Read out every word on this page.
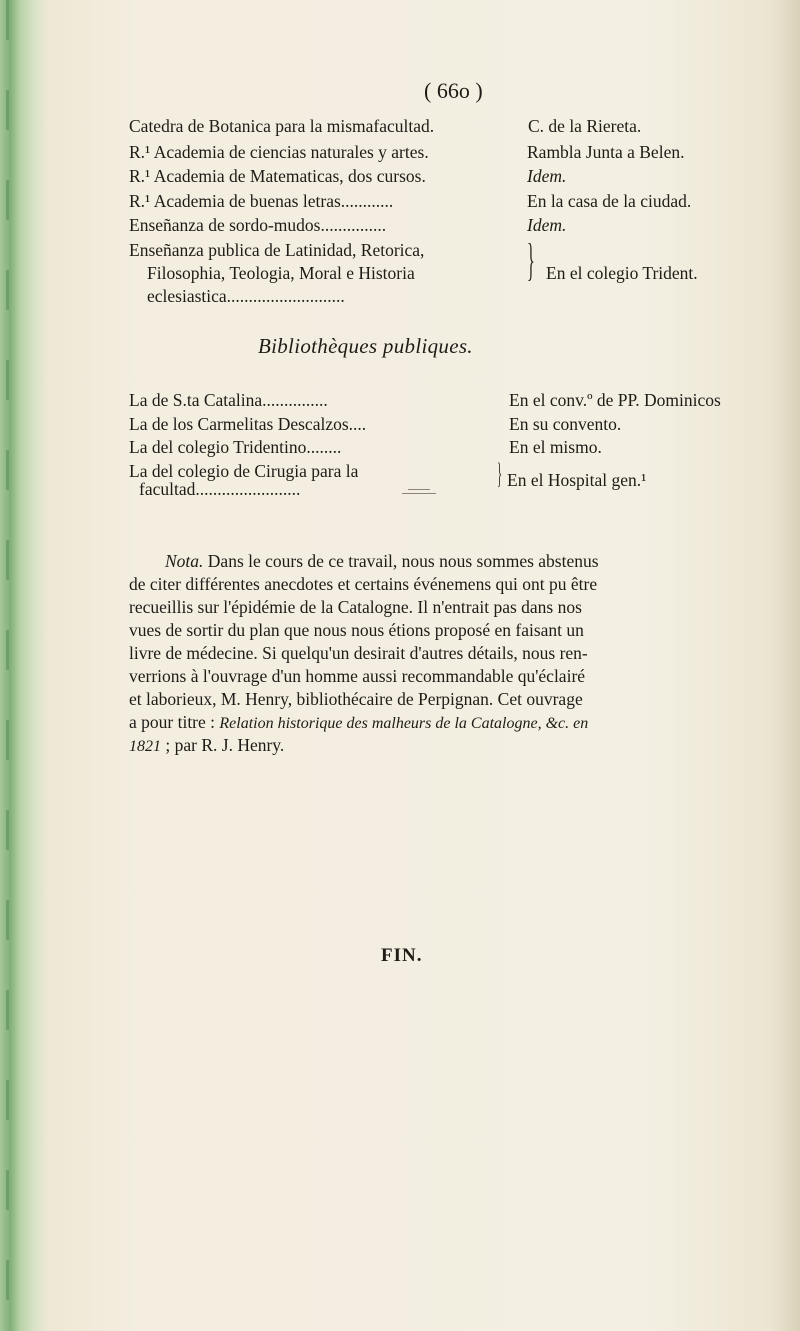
( 66o )
Catedra de Botanica para la mismafacultad.	C. de la Riereta.
R.¹ Academia de ciencias naturales y artes.	Rambla Junta a Belen.
R.¹ Academia de Matematicas, dos cursos.	Idem.
R.¹ Academia de buenas letras............	En la casa de la ciudad.
Enseñanza de sordo-mudos...............	Idem.
Enseñanza publica de Latinidad, Retorica,
Filosophia, Teologia, Moral e Historia
eclesiastica...........................
} En el colegio Trident.
Bibliothèques publiques.
La de S.ta Catalina...............	En el conv.º de PP. Dominicos
La de los Carmelitas Descalzos....	En su convento.
La del colegio Tridentino........	En el mismo.
La del colegio de Cirugia para la
facultad........................	} En el Hospital gen.¹
Nota. Dans le cours de ce travail, nous nous sommes abstenus
de citer différentes anecdotes et certains événemens qui ont pu être
recueillis sur l'épidémie de la Catalogne. Il n'entrait pas dans nos
vues de sortir du plan que nous nous étions proposé en faisant un
livre de médecine. Si quelqu'un desirait d'autres détails, nous ren-
verrions à l'ouvrage d'un homme aussi recommandable qu'éclairé
et laborieux, M. Henry, bibliothécaire de Perpignan. Cet ouvrage
a pour titre : Relation historique des malheurs de la Catalogne, &c. en
1821 ; par R. J. Henry.
FIN.
